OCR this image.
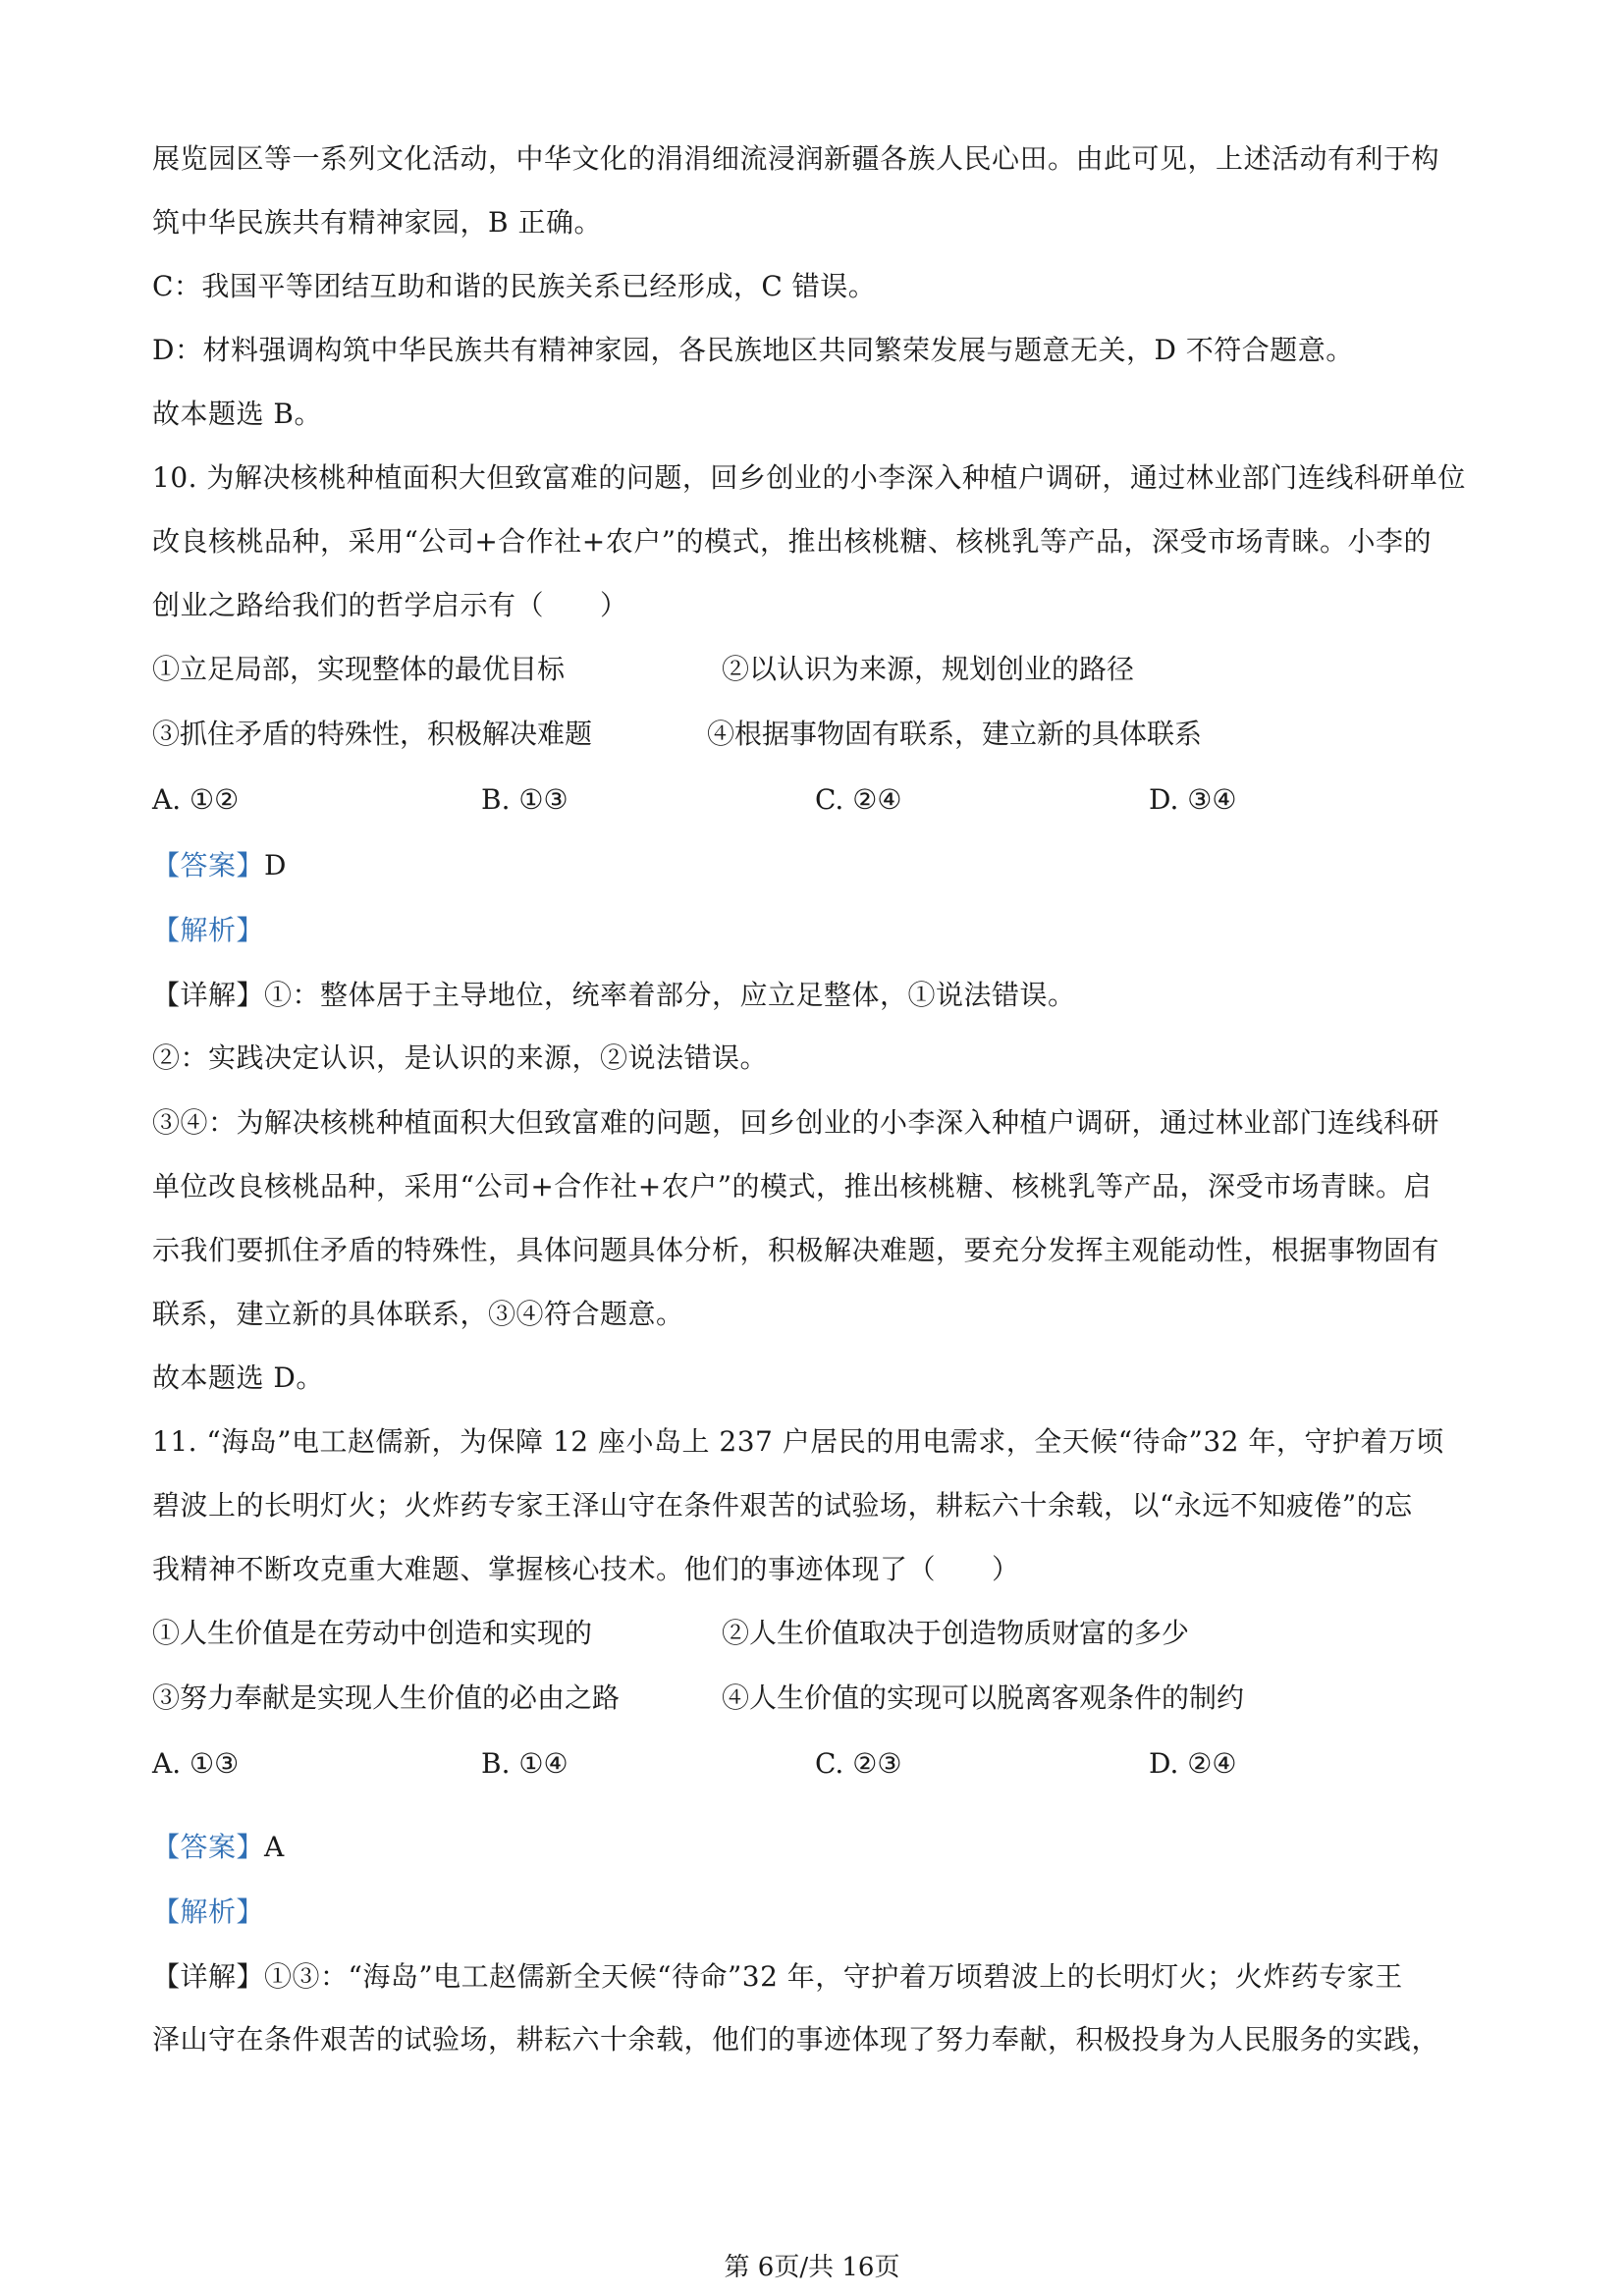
展览园区等一系列文化活动，中华文化的涓涓细流浸润新疆各族人民心田。由此可见，上述活动有利于构
筑中华民族共有精神家园，B 正确。
C：我国平等团结互助和谐的民族关系已经形成，C 错误。
D：材料强调构筑中华民族共有精神家园，各民族地区共同繁荣发展与题意无关，D 不符合题意。
故本题选 B。
10. 为解决核桃种植面积大但致富难的问题，回乡创业的小李深入种植户调研，通过林业部门连线科研单位
改良核桃品种，采用“公司+合作社+农户”的模式，推出核桃糖、核桃乳等产品，深受市场青睐。小李的
创业之路给我们的哲学启示有（　　）
①立足局部，实现整体的最优目标	②以认识为来源，规划创业的路径
③抓住矛盾的特殊性，积极解决难题	④根据事物固有联系，建立新的具体联系
A. ①②	B. ①③	C. ②④	D. ③④
【答案】D
【解析】
【详解】①：整体居于主导地位，统率着部分，应立足整体，①说法错误。
②：实践决定认识，是认识的来源，②说法错误。
③④：为解决核桃种植面积大但致富难的问题，回乡创业的小李深入种植户调研，通过林业部门连线科研
单位改良核桃品种，采用“公司+合作社+农户”的模式，推出核桃糖、核桃乳等产品，深受市场青睐。启
示我们要抓住矛盾的特殊性，具体问题具体分析，积极解决难题，要充分发挥主观能动性，根据事物固有
联系，建立新的具体联系，③④符合题意。
故本题选 D。
11. “海岛”电工赵儒新，为保障 12 座小岛上 237 户居民的用电需求，全天候“待命”32 年，守护着万顷
碧波上的长明灯火；火炸药专家王泽山守在条件艰苦的试验场，耕耘六十余载，以“永远不知疲倦”的忘
我精神不断攻克重大难题、掌握核心技术。他们的事迹体现了（　　）
①人生价值是在劳动中创造和实现的	②人生价值取决于创造物质财富的多少
③努力奉献是实现人生价值的必由之路	④人生价值的实现可以脱离客观条件的制约
A. ①③	B. ①④	C. ②③	D. ②④
【答案】A
【解析】
【详解】①③：“海岛”电工赵儒新全天候“待命”32 年，守护着万顷碧波上的长明灯火；火炸药专家王
泽山守在条件艰苦的试验场，耕耘六十余载，他们的事迹体现了努力奉献，积极投身为人民服务的实践，
第 6页/共 16页
